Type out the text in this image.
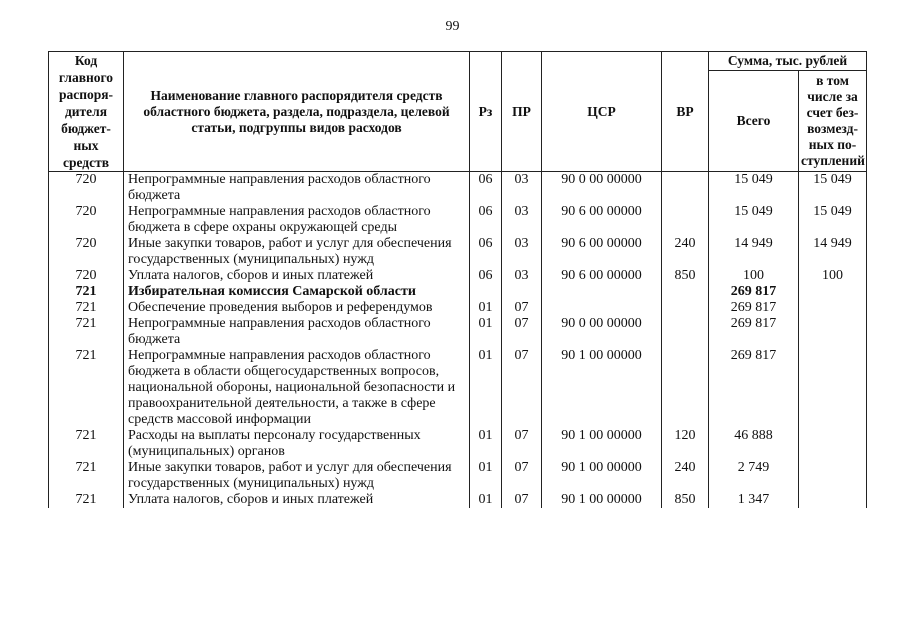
99
Код главного распоря-дителя бюджет-ных средств	Наименование главного распорядителя средств областного бюджета, раздела, подраздела, целевой статьи, подгруппы видов расходов	Рз	ПР	ЦСР	ВР	Сумма, тыс. рублей	
						Всего	в том числе за счет без-возмезд-ных по-ступлений
720	Непрограммные направления расходов областного бюджета	06	03	90 0 00 00000		15 049	15 049
720	Непрограммные направления расходов областного бюджета в сфере охраны окружающей среды	06	03	90 6 00 00000		15 049	15 049
720	Иные закупки товаров, работ и услуг для обеспечения государственных (муниципальных) нужд	06	03	90 6 00 00000	240	14 949	14 949
720	Уплата налогов, сборов и иных платежей	06	03	90 6 00 00000	850	100	100
721	Избирательная комиссия Самарской области					269 817	
721	Обеспечение проведения выборов и референдумов	01	07			269 817	
721	Непрограммные направления расходов областного бюджета	01	07	90 0 00 00000		269 817	
721	Непрограммные направления расходов областного бюджета в области общегосударственных вопросов, национальной обороны, национальной безопасности и правоохранительной деятельности, а также в сфере средств массовой информации	01	07	90 1 00 00000		269 817	
721	Расходы на выплаты персоналу государственных (муниципальных) органов	01	07	90 1 00 00000	120	46 888	
721	Иные закупки товаров, работ и услуг для обеспечения государственных (муниципальных) нужд	01	07	90 1 00 00000	240	2 749	
721	Уплата налогов, сборов и иных платежей	01	07	90 1 00 00000	850	1 347	
